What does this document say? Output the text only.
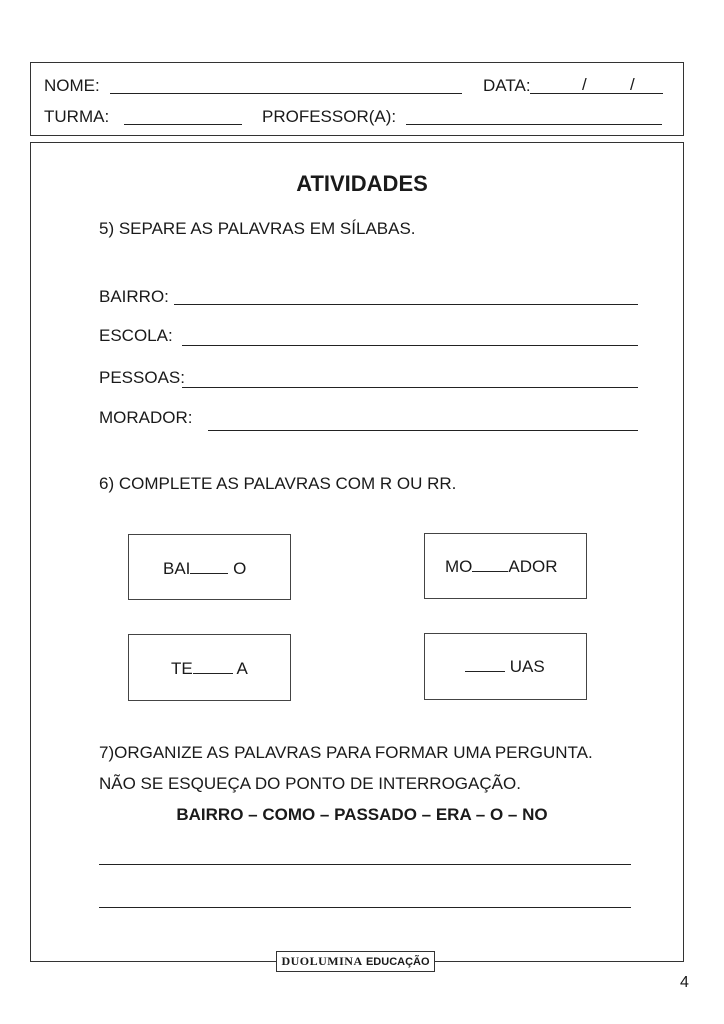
NOME:	DATA:	/	/
TURMA:	PROFESSOR(A):
ATIVIDADES
5) SEPARE AS PALAVRAS EM SÍLABAS.
BAIRRO:
ESCOLA:
PESSOAS:
MORADOR:
6) COMPLETE AS PALAVRAS COM R OU RR.
BAI	O	MO ADOR
TE	A	UAS
7)ORGANIZE AS PALAVRAS PARA FORMAR UMA PERGUNTA.
NÃO SE ESQUEÇA DO PONTO DE INTERROGAÇÃO.
BAIRRO – COMO – PASSADO – ERA – O – NO
DUOLUMINA EDUCAÇÃO
4
